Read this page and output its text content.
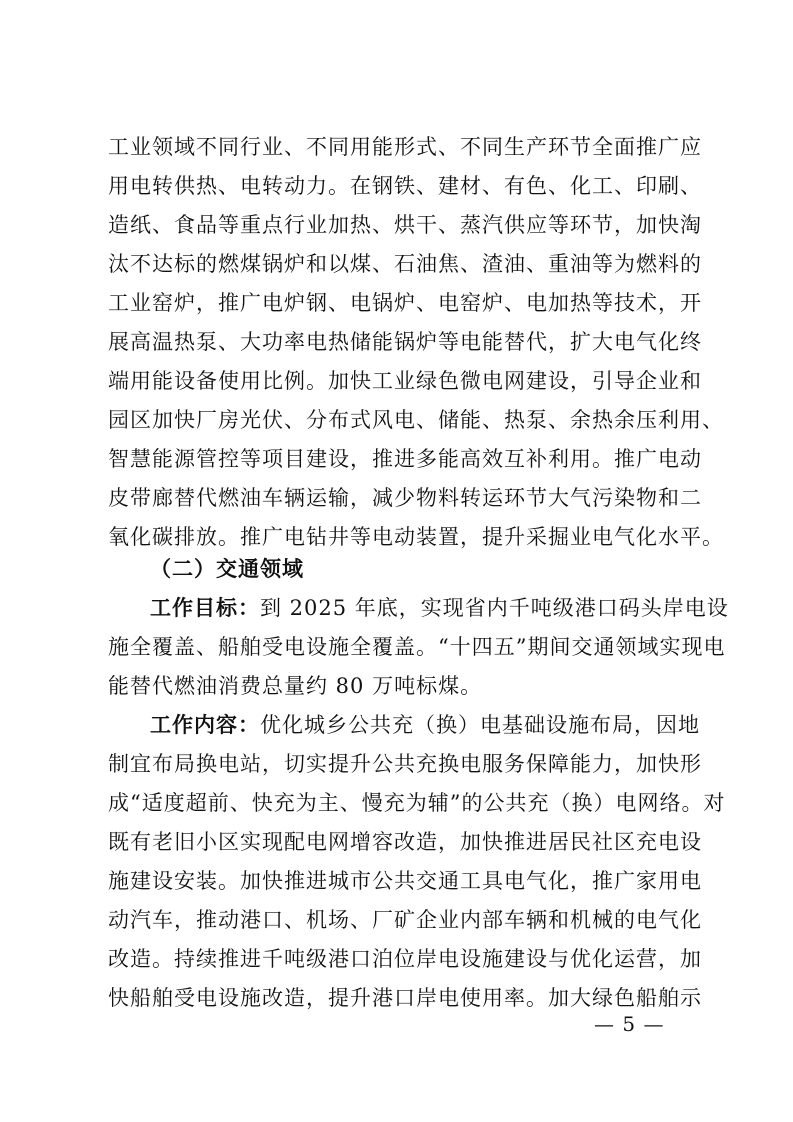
工业领域不同行业、不同用能形式、不同生产环节全面推广应
用电转供热、电转动力。在钢铁、建材、有色、化工、印刷、
造纸、食品等重点行业加热、烘干、蒸汽供应等环节，加快淘
汰不达标的燃煤锅炉和以煤、石油焦、渣油、重油等为燃料的
工业窑炉，推广电炉钢、电锅炉、电窑炉、电加热等技术，开
展高温热泵、大功率电热储能锅炉等电能替代，扩大电气化终
端用能设备使用比例。加快工业绿色微电网建设，引导企业和
园区加快厂房光伏、分布式风电、储能、热泵、余热余压利用、
智慧能源管控等项目建设，推进多能高效互补利用。推广电动
皮带廊替代燃油车辆运输，减少物料转运环节大气污染物和二
氧化碳排放。推广电钻井等电动装置，提升采掘业电气化水平。
（二）交通领域
工作目标：到 2025 年底，实现省内千吨级港口码头岸电设
施全覆盖、船舶受电设施全覆盖。“十四五”期间交通领域实现电
能替代燃油消费总量约 80 万吨标煤。
工作内容：优化城乡公共充（换）电基础设施布局，因地
制宜布局换电站，切实提升公共充换电服务保障能力，加快形
成“适度超前、快充为主、慢充为辅”的公共充（换）电网络。对
既有老旧小区实现配电网增容改造，加快推进居民社区充电设
施建设安装。加快推进城市公共交通工具电气化，推广家用电
动汽车，推动港口、机场、厂矿企业内部车辆和机械的电气化
改造。持续推进千吨级港口泊位岸电设施建设与优化运营，加
快船舶受电设施改造，提升港口岸电使用率。加大绿色船舶示
— 5 —
